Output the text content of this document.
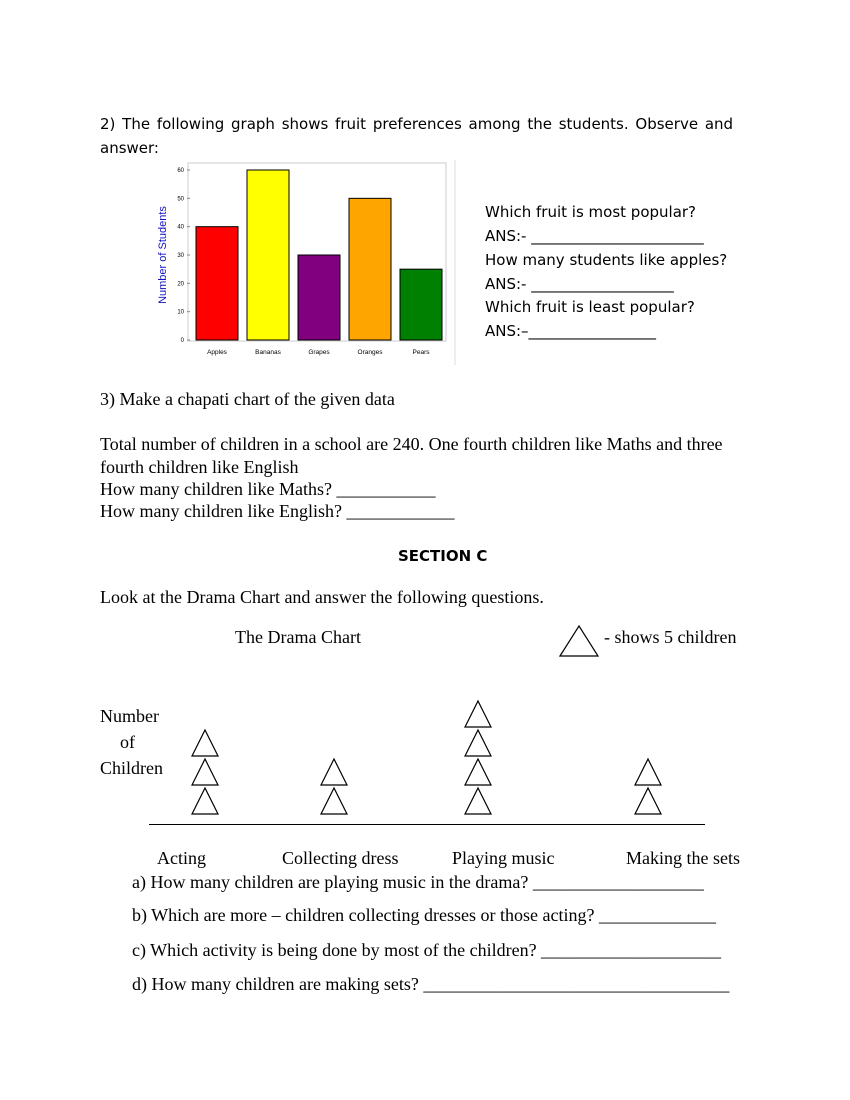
2) The following graph shows fruit preferences among the students. Observe and
answer:
0
10
20
30
40
50
60
Apples	Bananas	Grapes	Oranges	Pears
Number of Students	Which fruit is most popular?
ANS:- _______________________
How many students like apples?
ANS:- ___________________
Which fruit is least popular?
ANS:–_________________
3) Make a chapati chart of the given data
Total number of children in a school are 240. One fourth children like Maths and three
fourth children like English
How many children like Maths? ___________
How many children like English? ____________
SECTION C
Look at the Drama Chart and answer the following questions.
The Drama Chart	- shows 5 children
Number
of
Children
Acting	Collecting dress	Playing music	Making the sets
a) How many children are playing music in the drama? ___________________
b) Which are more – children collecting dresses or those acting? _____________
c) Which activity is being done by most of the children? ____________________
d) How many children are making sets? __________________________________
